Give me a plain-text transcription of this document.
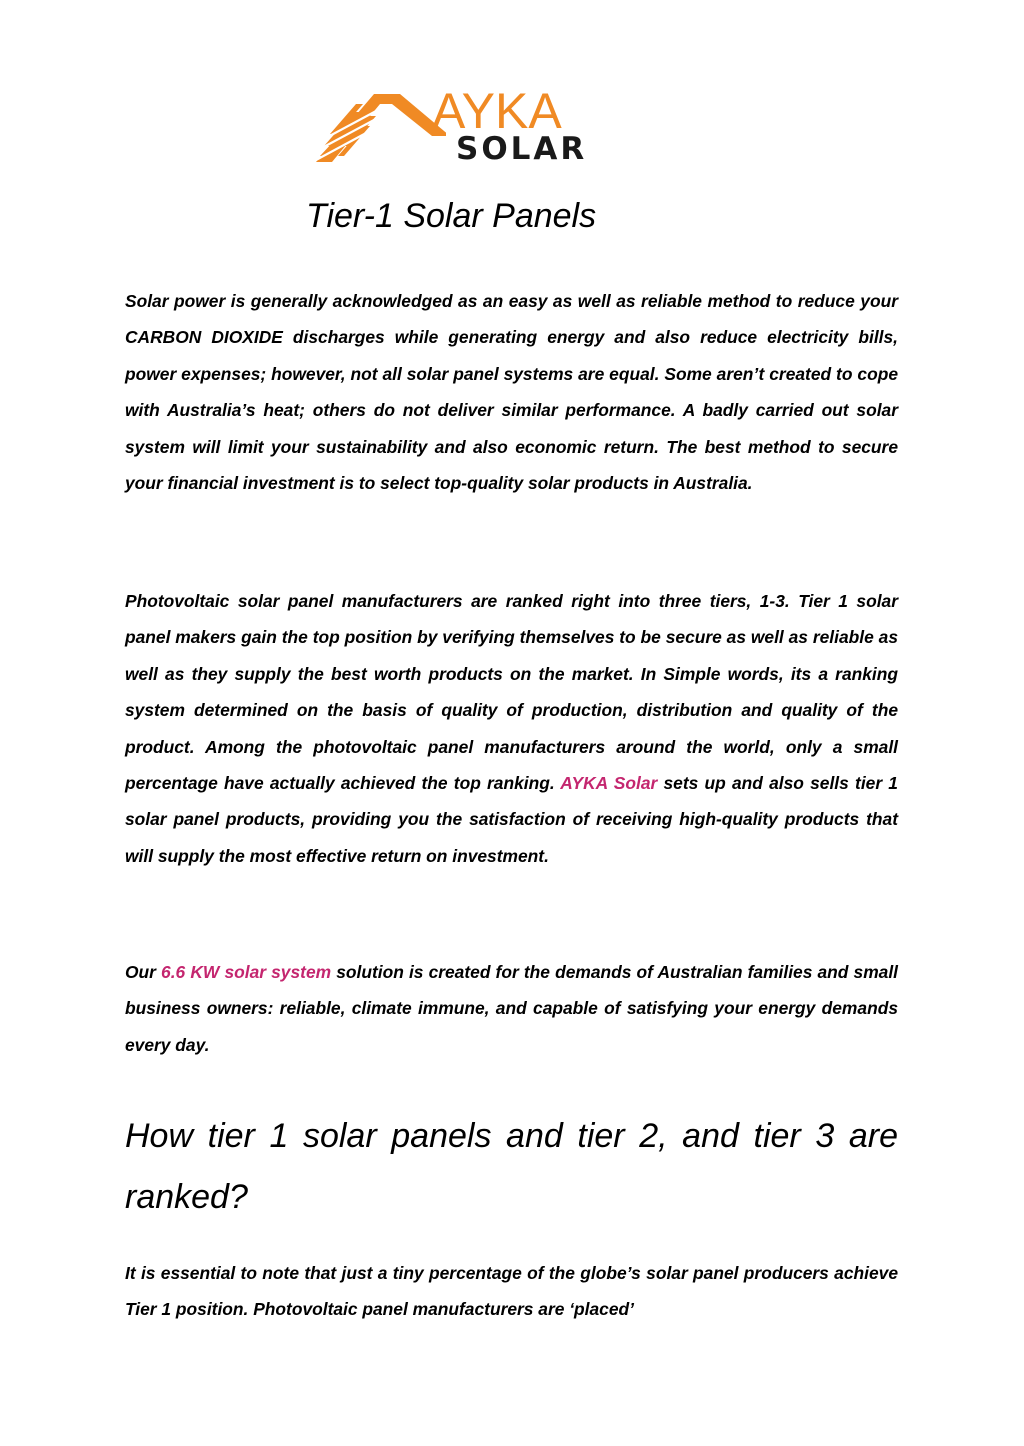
AYKA
SOLAR
Tier-1 Solar Panels

Solar power is generally acknowledged as an easy as well as reliable method to reduce your CARBON DIOXIDE discharges while generating energy and also reduce electricity bills, power expenses; however, not all solar panel systems are equal. Some aren’t created to cope with Australia’s heat; others do not deliver similar performance. A badly carried out solar system will limit your sustainability and also economic return. The best method to secure your financial investment is to select top-quality solar products in Australia.

Photovoltaic solar panel manufacturers are ranked right into three tiers, 1-3. Tier 1 solar panel makers gain the top position by verifying themselves to be secure as well as reliable as well as they supply the best worth products on the market. In Simple words, its a ranking system determined on the basis of quality of production, distribution and quality of the product. Among the photovoltaic panel manufacturers around the world, only a small percentage have actually achieved the top ranking. AYKA Solar sets up and also sells tier 1 solar panel products, providing you the satisfaction of receiving high-quality products that will supply the most effective return on investment.

Our 6.6 KW solar system solution is created for the demands of Australian families and small business owners: reliable, climate immune, and capable of satisfying your energy demands every day.

How tier 1 solar panels and tier 2, and tier 3 are ranked?

It is essential to note that just a tiny percentage of the globe’s solar panel producers achieve Tier 1 position. Photovoltaic panel manufacturers are ‘placed’
